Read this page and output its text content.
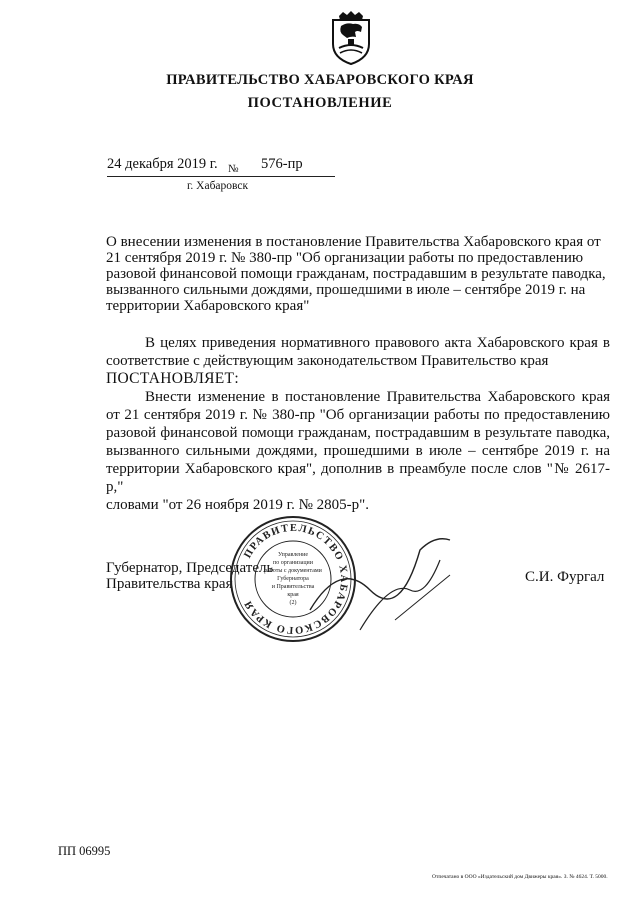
ПРАВИТЕЛЬСТВО ХАБАРОВСКОГО КРАЯ
ПОСТАНОВЛЕНИЕ
24 декабря 2019 г. № 576-пр
г. Хабаровск
О внесении изменения в постановление Правительства Хабаровского края от
21 сентября 2019 г. № 380-пр "Об организации работы по предоставлению
разовой финансовой помощи гражданам, пострадавшим в результате паводка,
вызванного сильными дождями, прошедшими в июле – сентябре 2019 г. на
территории Хабаровского края"
В целях приведения нормативного правового акта Хабаровского края в
соответствие с действующим законодательством Правительство края
ПОСТАНОВЛЯЕТ:
Внести изменение в постановление Правительства Хабаровского края
от 21 сентября 2019 г. № 380-пр "Об организации работы по предоставлению
разовой финансовой помощи гражданам, пострадавшим в результате паводка,
вызванного сильными дождями, прошедшими в июле – сентябре 2019 г. на
территории Хабаровского края", дополнив в преамбуле после слов "№ 2617-р,"
словами "от 26 ноября 2019 г. № 2805-р".
Губернатор, Председатель
Правительства края	С.И. Фургал
ПРАВИТЕЛЬСТВО ХАБАРОВСКОГО КРАЯ
Управление
по организации
работы с документами
Губернатора
и Правительства
края
(2)
ПП 06995
Отпечатано в ООО «Издательский дом Движеры края». З. № 4624. Т. 5000.
